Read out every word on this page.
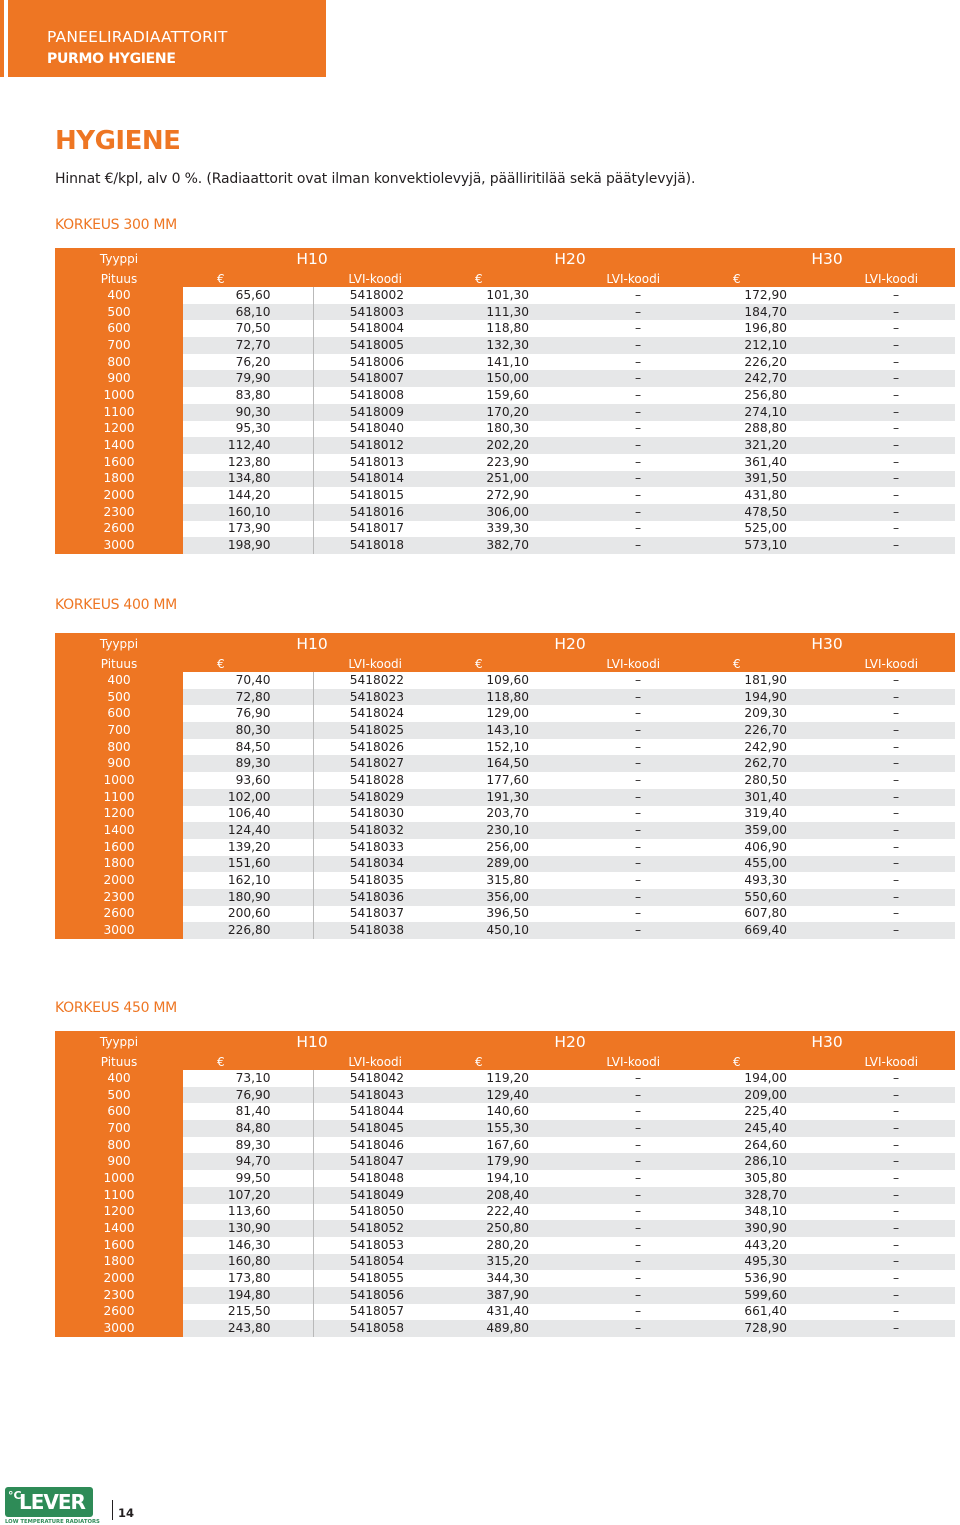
PANEELIRADIAATTORIT
PURMO HYGIENE
HYGIENE

Hinnat €/kpl, alv 0 %. (Radiaattorit ovat ilman konvektiolevyjä, päälliritilää sekä päätylevyjä).

KORKEUS 300 MM
Tyyppi	H10		H20		H30	
Pituus	€	LVI-koodi	€	LVI-koodi	€	LVI-koodi
400	65,60	5418002	101,30	–	172,90	–
500	68,10	5418003	111,30	–	184,70	–
600	70,50	5418004	118,80	–	196,80	–
700	72,70	5418005	132,30	–	212,10	–
800	76,20	5418006	141,10	–	226,20	–
900	79,90	5418007	150,00	–	242,70	–
1000	83,80	5418008	159,60	–	256,80	–
1100	90,30	5418009	170,20	–	274,10	–
1200	95,30	5418040	180,30	–	288,80	–
1400	112,40	5418012	202,20	–	321,20	–
1600	123,80	5418013	223,90	–	361,40	–
1800	134,80	5418014	251,00	–	391,50	–
2000	144,20	5418015	272,90	–	431,80	–
2300	160,10	5418016	306,00	–	478,50	–
2600	173,90	5418017	339,30	–	525,00	–
3000	198,90	5418018	382,70	–	573,10	–
KORKEUS 400 MM
Tyyppi	H10		H20		H30	
Pituus	€	LVI-koodi	€	LVI-koodi	€	LVI-koodi
400	70,40	5418022	109,60	–	181,90	–
500	72,80	5418023	118,80	–	194,90	–
600	76,90	5418024	129,00	–	209,30	–
700	80,30	5418025	143,10	–	226,70	–
800	84,50	5418026	152,10	–	242,90	–
900	89,30	5418027	164,50	–	262,70	–
1000	93,60	5418028	177,60	–	280,50	–
1100	102,00	5418029	191,30	–	301,40	–
1200	106,40	5418030	203,70	–	319,40	–
1400	124,40	5418032	230,10	–	359,00	–
1600	139,20	5418033	256,00	–	406,90	–
1800	151,60	5418034	289,00	–	455,00	–
2000	162,10	5418035	315,80	–	493,30	–
2300	180,90	5418036	356,00	–	550,60	–
2600	200,60	5418037	396,50	–	607,80	–
3000	226,80	5418038	450,10	–	669,40	–
KORKEUS 450 MM
Tyyppi	H10		H20		H30	
Pituus	€	LVI-koodi	€	LVI-koodi	€	LVI-koodi
400	73,10	5418042	119,20	–	194,00	–
500	76,90	5418043	129,40	–	209,00	–
600	81,40	5418044	140,60	–	225,40	–
700	84,80	5418045	155,30	–	245,40	–
800	89,30	5418046	167,60	–	264,60	–
900	94,70	5418047	179,90	–	286,10	–
1000	99,50	5418048	194,10	–	305,80	–
1100	107,20	5418049	208,40	–	328,70	–
1200	113,60	5418050	222,40	–	348,10	–
1400	130,90	5418052	250,80	–	390,90	–
1600	146,30	5418053	280,20	–	443,20	–
1800	160,80	5418054	315,20	–	495,30	–
2000	173,80	5418055	344,30	–	536,90	–
2300	194,80	5418056	387,90	–	599,60	–
2600	215,50	5418057	431,40	–	661,40	–
3000	243,80	5418058	489,80	–	728,90	–
°C
LEVER
LOW TEMPERATURE RADIATORS
14
